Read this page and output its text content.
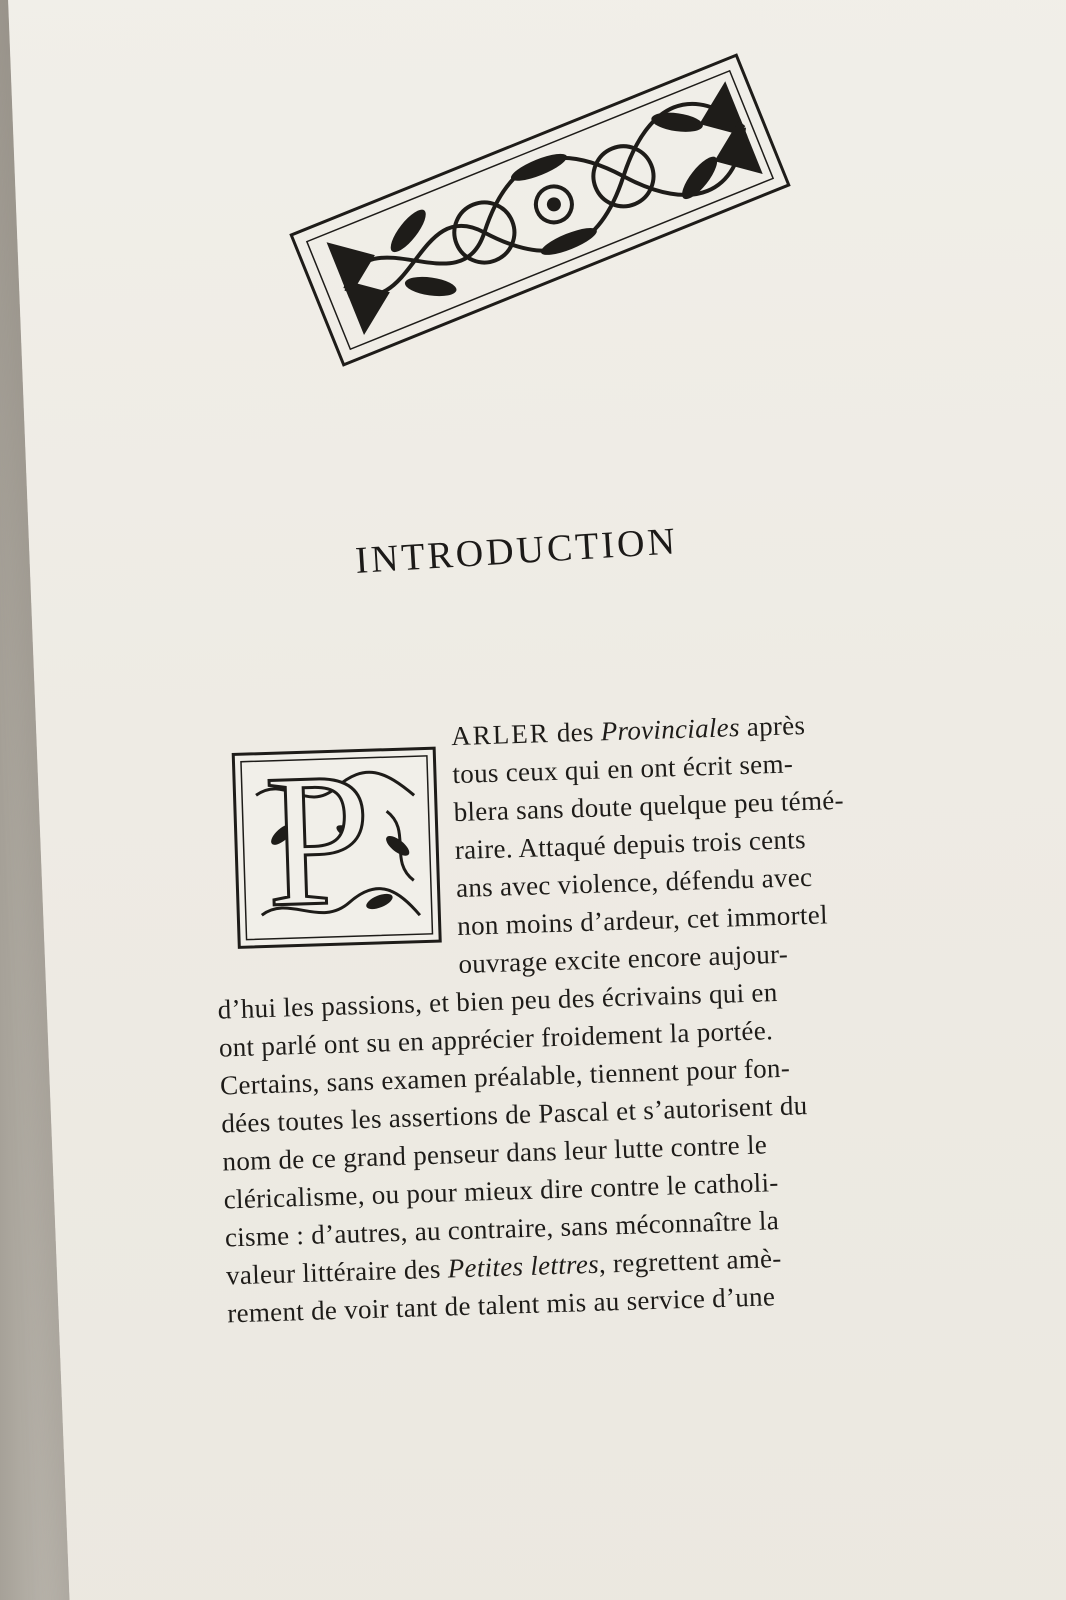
INTRODUCTION
P	ARLER des Provinciales après
tous ceux qui en ont écrit sem-
blera sans doute quelque peu témé-
raire. Attaqué depuis trois cents
ans avec violence, défendu avec
non moins d’ardeur, cet immortel
ouvrage excite encore aujour-
d’hui les passions, et bien peu des écrivains qui en
ont parlé ont su en apprécier froidement la portée.
Certains, sans examen préalable, tiennent pour fon-
dées toutes les assertions de Pascal et s’autorisent du
nom de ce grand penseur dans leur lutte contre le
cléricalisme, ou pour mieux dire contre le catholi-
cisme : d’autres, au contraire, sans méconnaître la
valeur littéraire des Petites lettres, regrettent amè-
rement de voir tant de talent mis au service d’une
